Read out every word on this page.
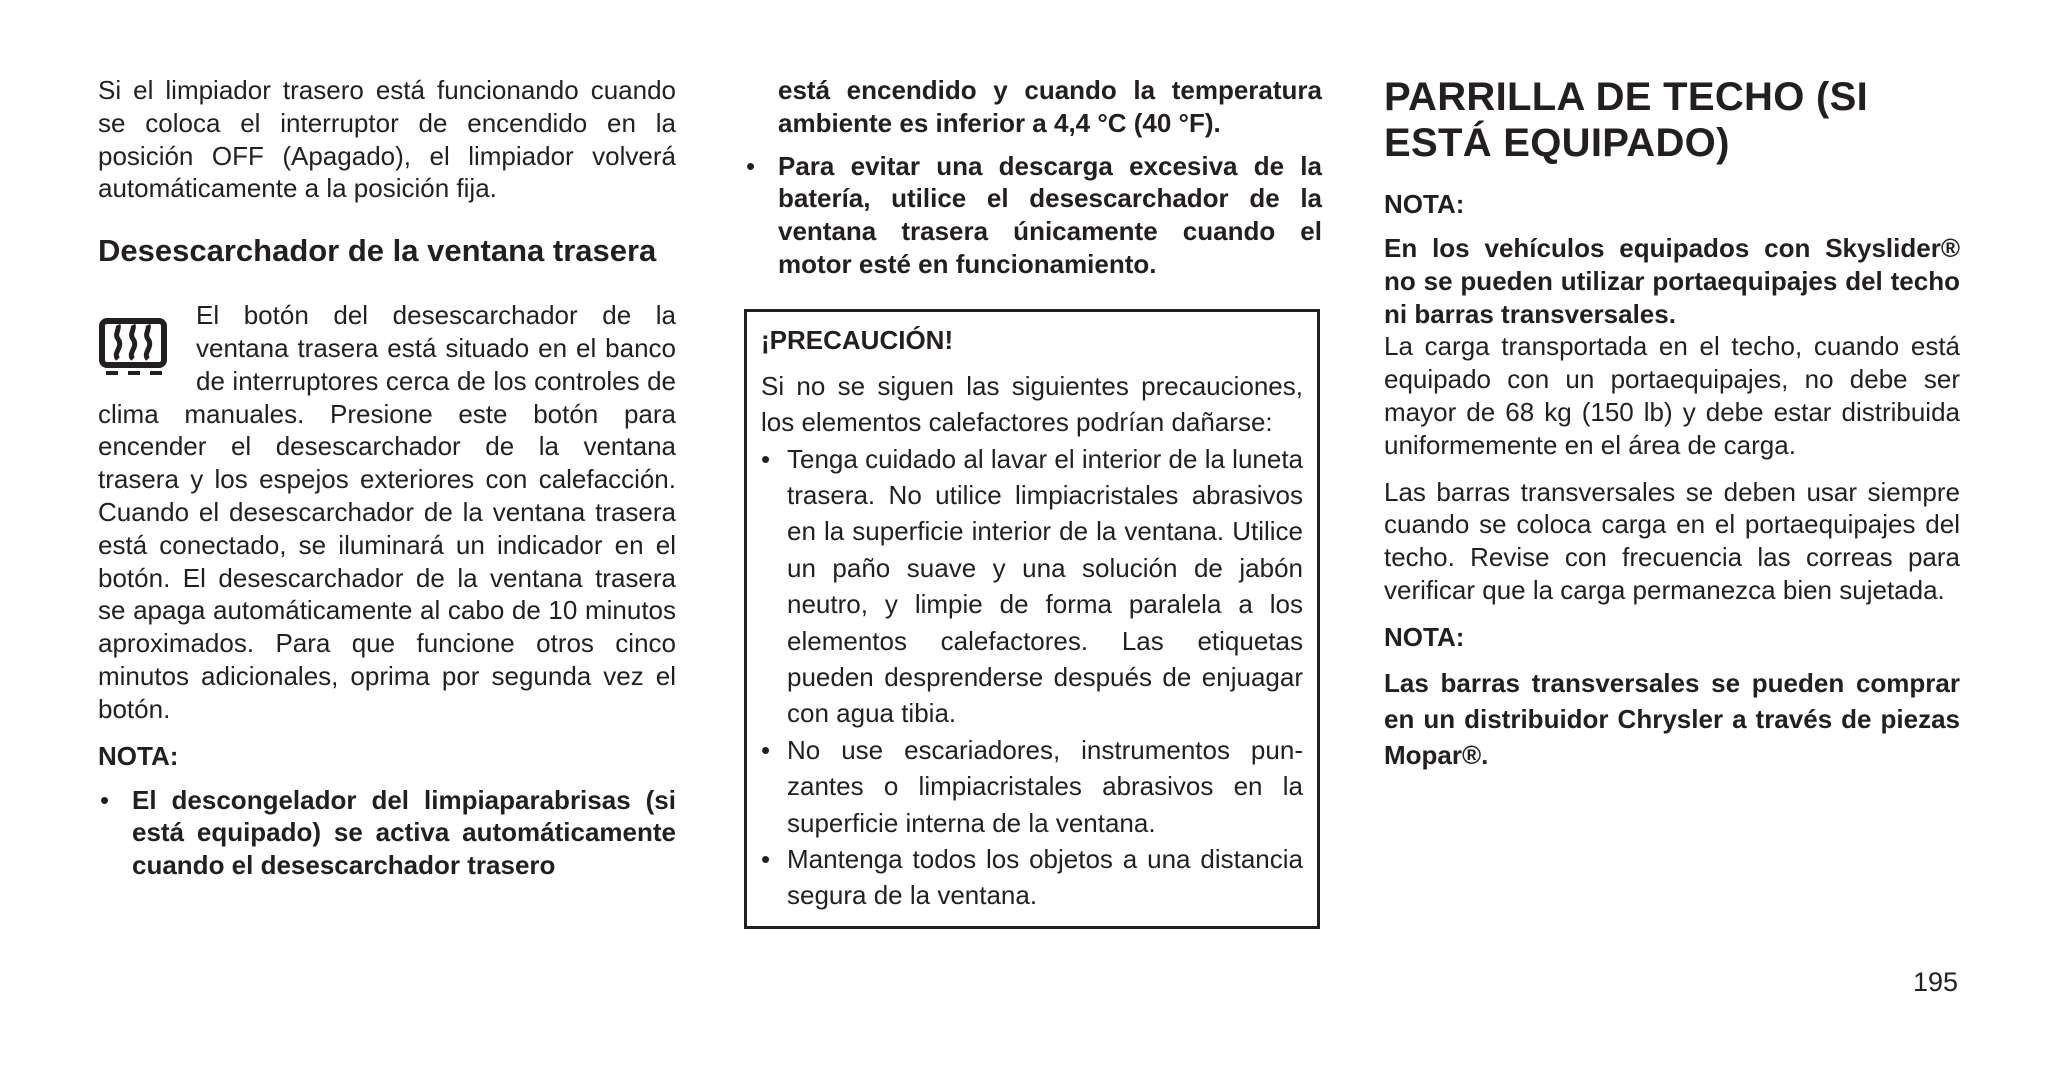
Si el limpiador trasero está funcionando cuando se coloca el interruptor de encendido en la posición OFF (Apagado), el limpiador volverá automáticamente a la posición fija.

Desescarchador de la ventana trasera

El botón del desescarchador de la ventana trasera está situado en el banco de interruptores cerca de los controles de clima manuales. Presione este botón para encender el desescarchador de la ventana trasera y los espejos exteriores con calefacción. Cuando el desescarchador de la ventana trasera está conectado, se iluminará un indicador en el botón. El desescarchador de la ventana trasera se apaga automáticamente al cabo de 10 minutos aproximados. Para que funcione otros cinco minutos adicionales, oprima por segunda vez el botón.

NOTA:
• El descongelador del limpiaparabrisas (si está equipado) se activa automáticamente cuando el desescarchador trasero
está encendido y cuando la temperatura ambiente es inferior a 4,4 °C (40 °F).
• Para evitar una descarga excesiva de la batería, utilice el desescarchador de la ventana trasera únicamente cuando el motor esté en funcionamiento.
¡PRECAUCIÓN!

Si no se siguen las siguientes precauciones, los elementos calefactores podrían dañarse:

• Tenga cuidado al lavar el interior de la luneta trasera. No utilice limpiacristales abrasivos en la superficie interior de la ventana. Utilice un paño suave y una solución de jabón neutro, y limpie de forma paralela a los elementos calefactores. Las etiquetas pueden desprenderse después de enjuagar con agua tibia.
• No use escariadores, instrumentos punzantes o limpiacristales abrasivos en la superficie interna de la ventana.
• Mantenga todos los objetos a una distancia segura de la ventana.
PARRILLA DE TECHO (SI ESTÁ EQUIPADO)
NOTA:

En los vehículos equipados con Skyslider® no se pueden utilizar portaequipajes del techo ni barras transversales.

La carga transportada en el techo, cuando está equipado con un portaequipajes, no debe ser mayor de 68 kg (150 lb) y debe estar distribuida uniformemente en el área de carga.

Las barras transversales se deben usar siempre cuando se coloca carga en el portaequipajes del techo. Revise con frecuencia las correas para verificar que la carga permanezca bien sujetada.

NOTA:

Las barras transversales se pueden comprar en un distribuidor Chrysler a través de piezas Mopar®.

195
